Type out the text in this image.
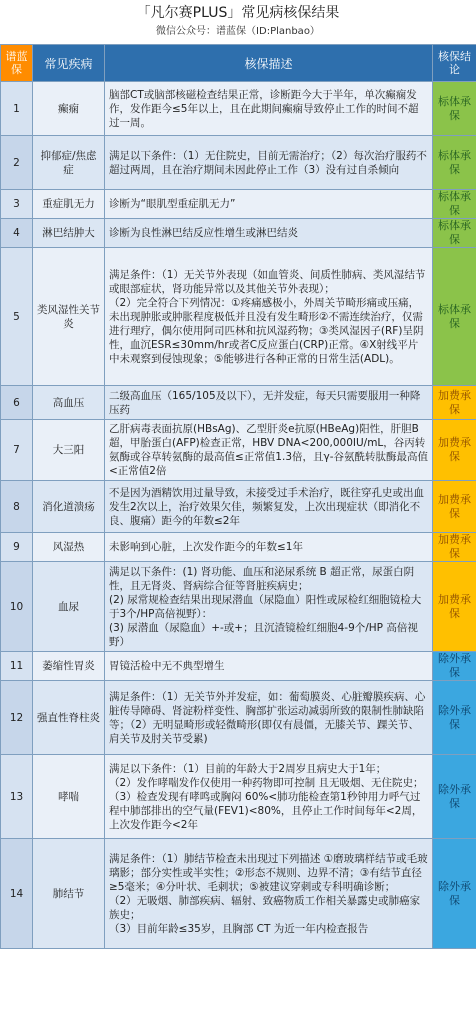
「凡尔赛PLUS」常见病核保结果
微信公众号：谱蓝保（ID:Planbao）
谱蓝保	常见疾病	核保描述	核保结论
1	癫痫	脑部CT或脑部核磁检查结果正常，诊断距今大于半年，单次癫痫发作，发作距今≤5年以上，且在此期间癫痫导致停止工作的时间不超过一周。	标体承保
2	抑郁症/焦虑症	满足以下条件：（1）无住院史，目前无需治疗；（2）每次治疗服药不超过两周，且在治疗期间未因此停止工作（3）没有过自杀倾向	标体承保
3	重症肌无力	诊断为“眼肌型重症肌无力”	标体承保
4	淋巴结肿大	诊断为良性淋巴结反应性增生或淋巴结炎	标体承保
5	类风湿性关节炎	满足条件：（1）无关节外表现（如血管炎、间质性肺病、类风湿结节或眼部症状，肾功能异常以及其他关节外表现）；
（2）完全符合下列情况：①疼痛感极小，外周关节畸形痛或压痛，未出现肿胀或肿胀程度极低并且没有发生畸形②不需连续治疗，仅需进行理疗，偶尔使用阿司匹林和抗风湿药物；③类风湿因子(RF)呈阴性，血沉ESR≤30mm/hr或者C反应蛋白(CRP)正常。④X射线平片中未观察到侵蚀现象；⑤能够进行各种正常的日常生活(ADL)。	标体承保
6	高血压	二级高血压（165/105及以下），无并发症，每天只需要服用一种降压药	加费承保
7	大三阳	乙肝病毒表面抗原(HBsAg)、乙型肝炎e抗原(HBeAg)阳性，肝胆B超，甲胎蛋白(AFP)检查正常，HBV DNA<200,000IU/mL，谷丙转氨酶或谷草转氨酶的最高值≤正常值1.3倍，且γ-谷氨酰转肽酶最高值<正常值2倍	加费承保
8	消化道溃疡	不是因为酒精饮用过量导致，未接受过手术治疗，既往穿孔史或出血发生2次以上，治疗效果欠佳，频繁复发，上次出现症状（即消化不良、腹痛）距今的年数≤2年	加费承保
9	风湿热	未影响到心脏，上次发作距今的年数≤1年	加费承保
10	血尿	满足以下条件：(1) 肾功能、血压和泌尿系统 B 超正常，尿蛋白阴性，且无肾炎、肾病综合征等肾脏疾病史；
(2) 尿常规检查结果出现尿潜血（尿隐血）阳性或尿检红细胞镜检大于3个/HP高倍视野）：
(3) 尿潜血（尿隐血）+-或+；且沉渣镜检红细胞4-9个/HP 高倍视野）	加费承保
11	萎缩性胃炎	胃镜活检中无不典型增生	除外承保
12	强直性脊柱炎	满足条件：（1）无关节外并发症，如：葡萄膜炎、心脏瓣膜疾病、心脏传导障碍、肾淀粉样变性、胸部扩张运动减弱所致的限制性肺缺陷等；（2）无明显畸形或轻微畸形(即仅有晨僵，无膝关节、踝关节、肩关节及肘关节受累)	除外承保
13	哮喘	满足以下条件：（1）目前的年龄大于2周岁且病史大于1年；
（2）发作哮喘发作仅使用一种药物即可控制 且无吸烟、无住院史；
（3）检查发现有哮鸣或胸闷 60%<肺功能检查第1秒钟用力呼气过程中肺部排出的空气量(FEV1)<80%，且停止工作时间每年<2周，上次发作距今<2年	除外承保
14	肺结节	满足条件：（1）肺结节检查未出现过下列描述 ①磨玻璃样结节或毛玻璃影；部分实性或半实性；②形态不规则、边界不清；③有结节直径≥5毫米；④分叶状、毛刺状；⑤被建议穿刺或专科明确诊断；
（2）无吸烟、肺部疾病、辐射、致癌物质工作相关暴露史或肺癌家族史；
（3）目前年龄≤35岁，且胸部 CT 为近一年内检查报告	除外承保
